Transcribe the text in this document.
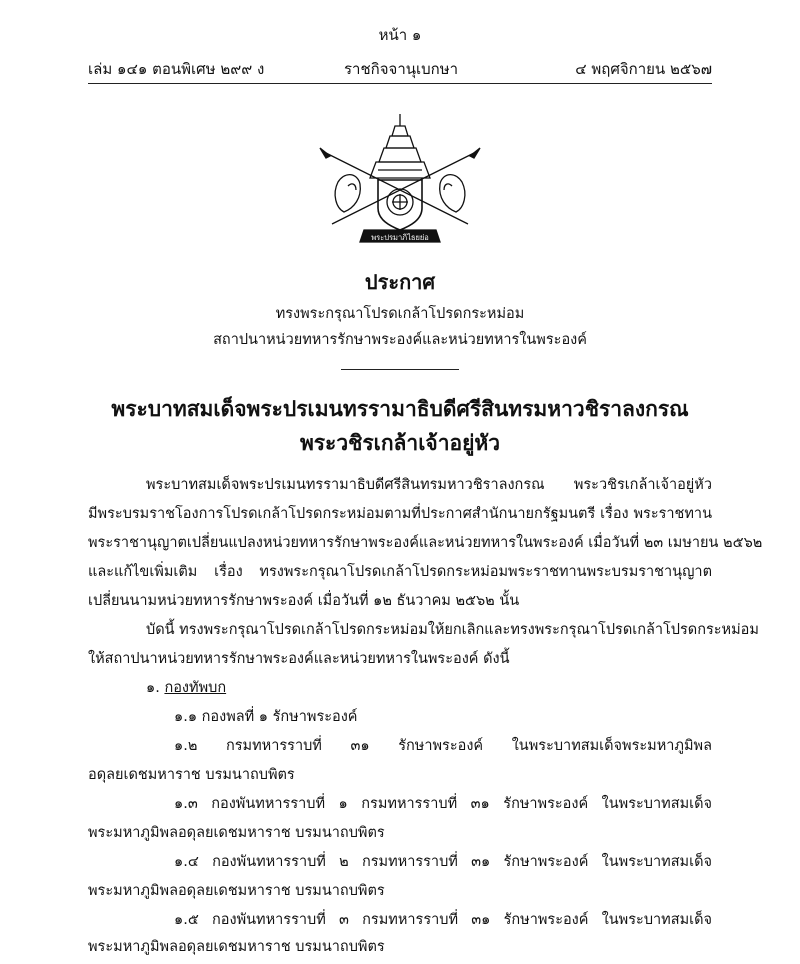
หน้า ๑
เล่ม ๑๔๑ ตอนพิเศษ ๒๙๙ ง	ราชกิจจานุเบกษา	๔ พฤศจิกายน ๒๕๖๗
พระปรมาภิไธยย่อ
ประกาศ
ทรงพระกรุณาโปรดเกล้าโปรดกระหม่อม
สถาปนาหน่วยทหารรักษาพระองค์และหน่วยทหารในพระองค์
พระบาทสมเด็จพระปรเมนทรรามาธิบดีศรีสินทรมหาวชิราลงกรณ
พระวชิรเกล้าเจ้าอยู่หัว
พระบาทสมเด็จพระปรเมนทรรามาธิบดีศรีสินทรมหาวชิราลงกรณ พระวชิรเกล้าเจ้าอยู่หัว
มีพระบรมราชโองการโปรดเกล้าโปรดกระหม่อมตามที่ประกาศสำนักนายกรัฐมนตรี เรื่อง พระราชทาน
พระราชานุญาตเปลี่ยนแปลงหน่วยทหารรักษาพระองค์และหน่วยทหารในพระองค์ เมื่อวันที่ ๒๓ เมษายน ๒๕๖๒
และแก้ไขเพิ่มเติม เรื่อง ทรงพระกรุณาโปรดเกล้าโปรดกระหม่อมพระราชทานพระบรมราชานุญาต
เปลี่ยนนามหน่วยทหารรักษาพระองค์ เมื่อวันที่ ๑๒ ธันวาคม ๒๕๖๒ นั้น
บัดนี้ ทรงพระกรุณาโปรดเกล้าโปรดกระหม่อมให้ยกเลิกและทรงพระกรุณาโปรดเกล้าโปรดกระหม่อม
ให้สถาปนาหน่วยทหารรักษาพระองค์และหน่วยทหารในพระองค์ ดังนี้
๑. กองทัพบก
๑.๑ กองพลที่ ๑ รักษาพระองค์
๑.๒ กรมทหารราบที่ ๓๑ รักษาพระองค์ ในพระบาทสมเด็จพระมหาภูมิพล
อดุลยเดชมหาราช บรมนาถบพิตร
๑.๓ กองพันทหารราบที่ ๑ กรมทหารราบที่ ๓๑ รักษาพระองค์ ในพระบาทสมเด็จ
พระมหาภูมิพลอดุลยเดชมหาราช บรมนาถบพิตร
๑.๔ กองพันทหารราบที่ ๒ กรมทหารราบที่ ๓๑ รักษาพระองค์ ในพระบาทสมเด็จ
พระมหาภูมิพลอดุลยเดชมหาราช บรมนาถบพิตร
๑.๕ กองพันทหารราบที่ ๓ กรมทหารราบที่ ๓๑ รักษาพระองค์ ในพระบาทสมเด็จ
พระมหาภูมิพลอดุลยเดชมหาราช บรมนาถบพิตร
